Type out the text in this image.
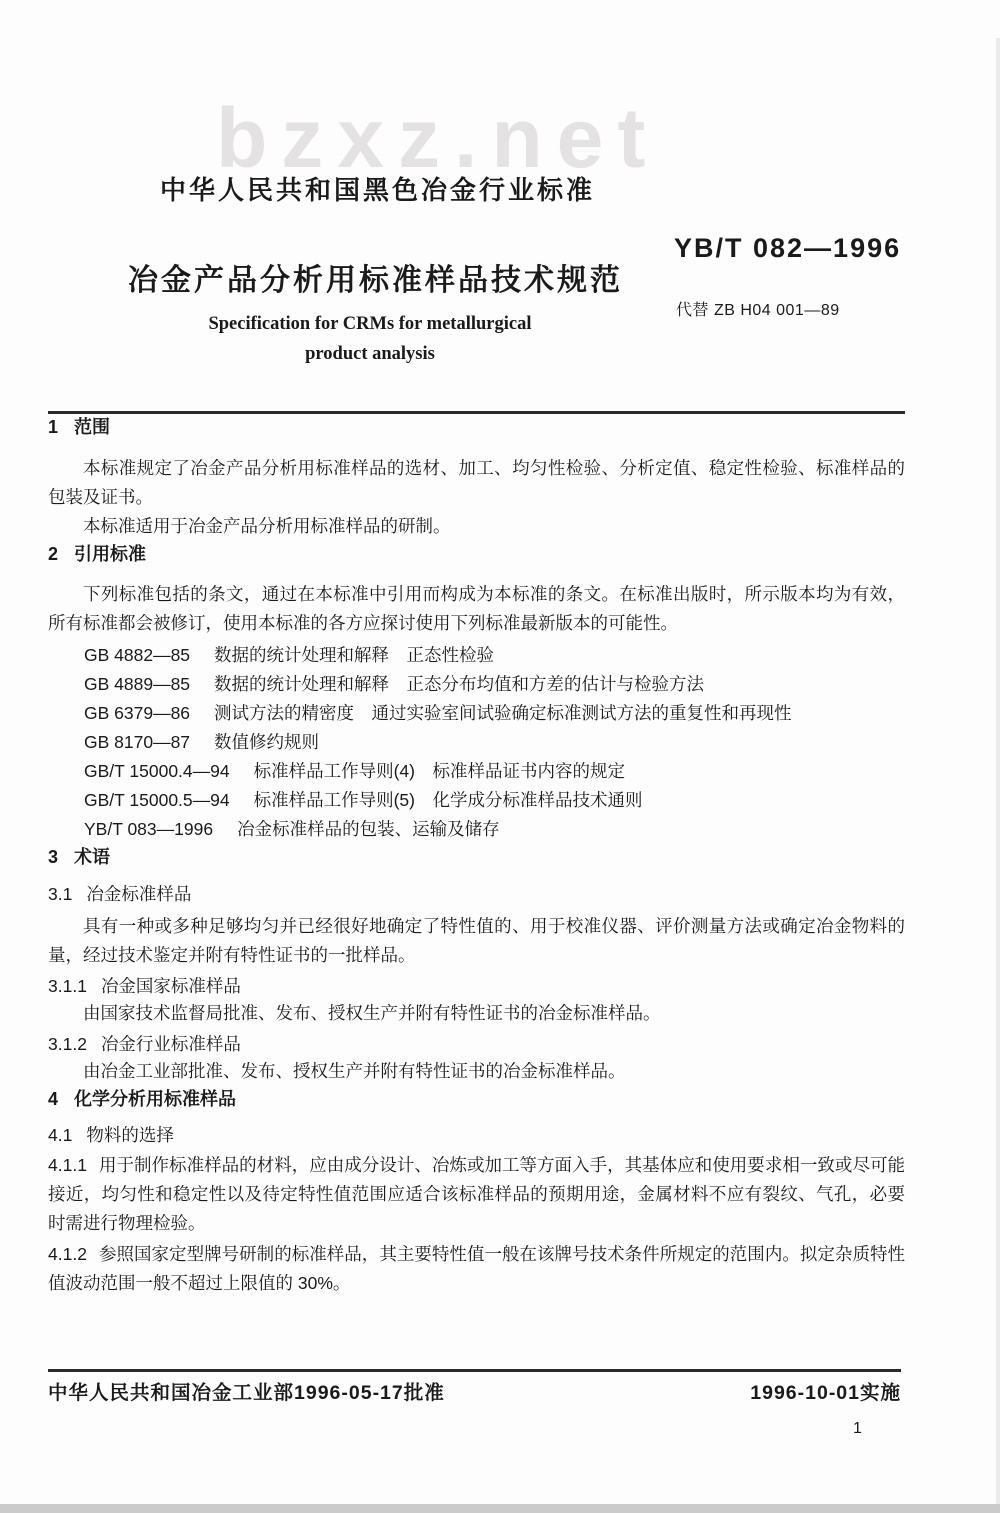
bzxz.net
中华人民共和国黑色冶金行业标准
YB/T 082—1996
冶金产品分析用标准样品技术规范
代替 ZB H04 001—89
Specification for CRMs for metallurgical
product analysis
1 范围

本标准规定了冶金产品分析用标准样品的选材、加工、均匀性检验、分析定值、稳定性检验、标准样品的包装及证书。

本标准适用于冶金产品分析用标准样品的研制。

2 引用标准

下列标准包括的条文，通过在本标准中引用而构成为本标准的条文。在标准出版时，所示版本均为有效，所有标准都会被修订，使用本标准的各方应探讨使用下列标准最新版本的可能性。

GB 4882—85 数据的统计处理和解释　正态性检验
GB 4889—85 数据的统计处理和解释　正态分布均值和方差的估计与检验方法
GB 6379—86 测试方法的精密度　通过实验室间试验确定标准测试方法的重复性和再现性
GB 8170—87 数值修约规则
GB/T 15000.4—94 标准样品工作导则(4)　标准样品证书内容的规定
GB/T 15000.5—94 标准样品工作导则(5)　化学成分标准样品技术通则
YB/T 083—1996 冶金标准样品的包装、运输及储存
3 术语
3.1 冶金标准样品

具有一种或多种足够均匀并已经很好地确定了特性值的、用于校准仪器、评价测量方法或确定冶金物料的量，经过技术鉴定并附有特性证书的一批样品。

3.1.1 冶金国家标准样品

由国家技术监督局批准、发布、授权生产并附有特性证书的冶金标准样品。

3.1.2 冶金行业标准样品

由冶金工业部批准、发布、授权生产并附有特性证书的冶金标准样品。

4 化学分析用标准样品
4.1 物料的选择

4.1.1 用于制作标准样品的材料，应由成分设计、冶炼或加工等方面入手，其基体应和使用要求相一致或尽可能接近，均匀性和稳定性以及待定特性值范围应适合该标准样品的预期用途，金属材料不应有裂纹、气孔，必要时需进行物理检验。

4.1.2 参照国家定型牌号研制的标准样品，其主要特性值一般在该牌号技术条件所规定的范围内。拟定杂质特性值波动范围一般不超过上限值的 30%。

中华人民共和国冶金工业部1996-05-17批准	1996-10-01实施
1
